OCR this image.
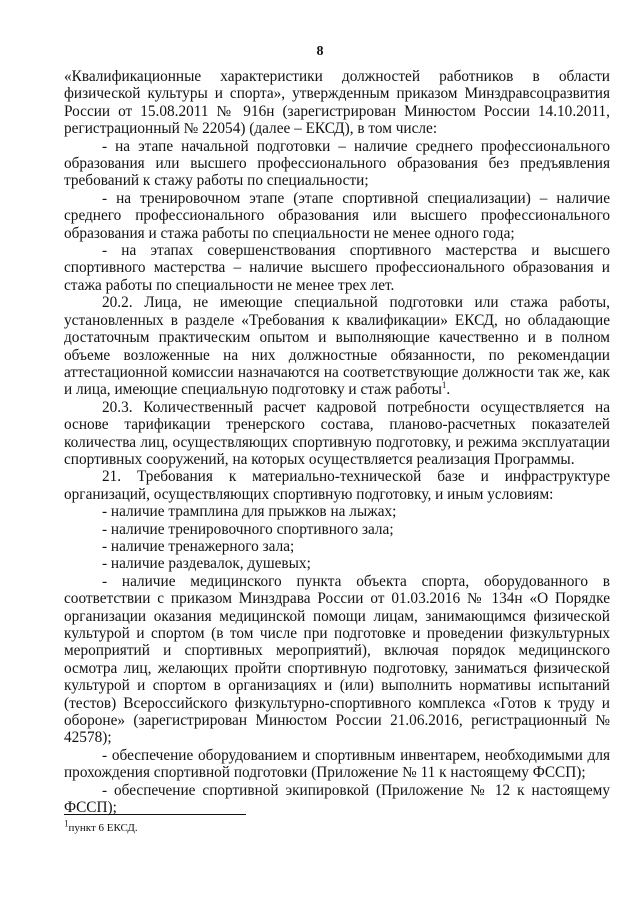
8

«Квалификационные характеристики должностей работников в области физической культуры и спорта», утвержденным приказом Минздравсоцразвития России от 15.08.2011 № 916н (зарегистрирован Минюстом России 14.10.2011, регистрационный № 22054) (далее – ЕКСД), в том числе:

- на этапе начальной подготовки – наличие среднего профессионального образования или высшего профессионального образования без предъявления требований к стажу работы по специальности;

- на тренировочном этапе (этапе спортивной специализации) – наличие среднего профессионального образования или высшего профессионального образования и стажа работы по специальности не менее одного года;

- на этапах совершенствования спортивного мастерства и высшего спортивного мастерства – наличие высшего профессионального образования и стажа работы по специальности не менее трех лет.

20.2. Лица, не имеющие специальной подготовки или стажа работы, установленных в разделе «Требования к квалификации» ЕКСД, но обладающие достаточным практическим опытом и выполняющие качественно и в полном объеме возложенные на них должностные обязанности, по рекомендации аттестационной комиссии назначаются на соответствующие должности так же, как и лица, имеющие специальную подготовку и стаж работы$^1$.

20.3. Количественный расчет кадровой потребности осуществляется на основе тарификации тренерского состава, планово-расчетных показателей количества лиц, осуществляющих спортивную подготовку, и режима эксплуатации спортивных сооружений, на которых осуществляется реализация Программы.

21. Требования к материально-технической базе и инфраструктуре организаций, осуществляющих спортивную подготовку, и иным условиям:

- наличие трамплина для прыжков на лыжах;

- наличие тренировочного спортивного зала;

- наличие тренажерного зала;

- наличие раздевалок, душевых;

- наличие медицинского пункта объекта спорта, оборудованного в соответствии с приказом Минздрава России от 01.03.2016 № 134н «О Порядке организации оказания медицинской помощи лицам, занимающимся физической культурой и спортом (в том числе при подготовке и проведении физкультурных мероприятий и спортивных мероприятий), включая порядок медицинского осмотра лиц, желающих пройти спортивную подготовку, заниматься физической культурой и спортом в организациях и (или) выполнить нормативы испытаний (тестов) Всероссийского физкультурно-спортивного комплекса «Готов к труду и обороне» (зарегистрирован Минюстом России 21.06.2016, регистрационный № 42578);

- обеспечение оборудованием и спортивным инвентарем, необходимыми для прохождения спортивной подготовки (Приложение № 11 к настоящему ФССП);

- обеспечение спортивной экипировкой (Приложение № 12 к настоящему ФССП);

$^1$пункт 6 ЕКСД.
